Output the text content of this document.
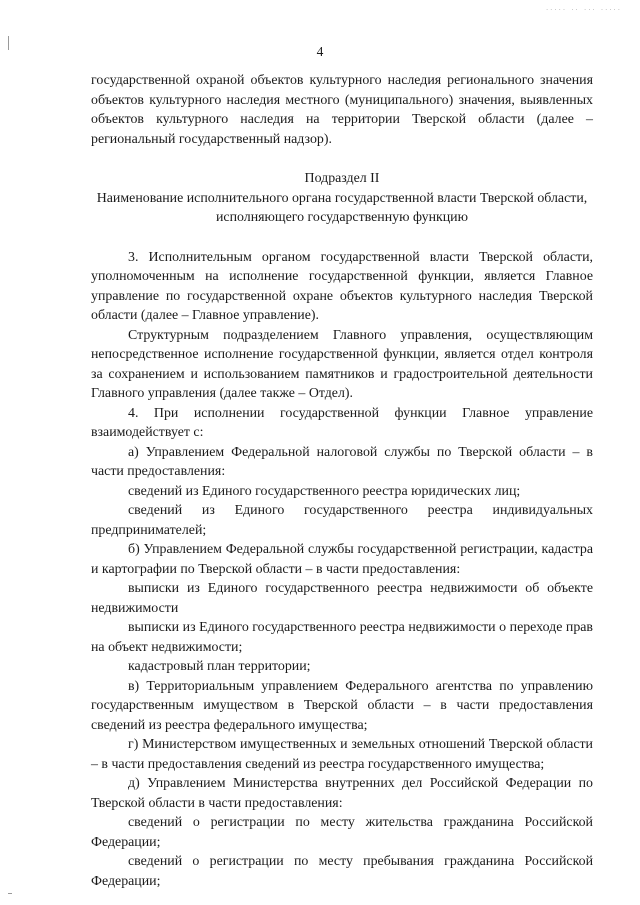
····· ·· ··· ·····
4

государственной охраной объектов культурного наследия регионального значения объектов культурного наследия местного (муниципального) значения, выявленных объектов культурного наследия на территории Тверской области (далее – региональный государственный надзор).

Подраздел II

Наименование исполнительного органа государственной власти Тверской области, исполняющего государственную функцию

3. Исполнительным органом государственной власти Тверской области, уполномоченным на исполнение государственной функции, является Главное управление по государственной охране объектов культурного наследия Тверской области (далее – Главное управление).

Структурным подразделением Главного управления, осуществляющим непосредственное исполнение государственной функции, является отдел контроля за сохранением и использованием памятников и градостроительной деятельности Главного управления (далее также – Отдел).

4. При исполнении государственной функции Главное управление взаимодействует с:

а) Управлением Федеральной налоговой службы по Тверской области – в части предоставления:

сведений из Единого государственного реестра юридических лиц;

сведений из Единого государственного реестра индивидуальных предпринимателей;

б) Управлением Федеральной службы государственной регистрации, кадастра и картографии по Тверской области – в части предоставления:

выписки из Единого государственного реестра недвижимости об объекте недвижимости

выписки из Единого государственного реестра недвижимости о переходе прав на объект недвижимости;

кадастровый план территории;

в) Территориальным управлением Федерального агентства по управлению государственным имуществом в Тверской области – в части предоставления сведений из реестра федерального имущества;

г) Министерством имущественных и земельных отношений Тверской области – в части предоставления сведений из реестра государственного имущества;

д) Управлением Министерства внутренних дел Российской Федерации по Тверской области в части предоставления:

сведений о регистрации по месту жительства гражданина Российской Федерации;

сведений о регистрации по месту пребывания гражданина Российской Федерации;
